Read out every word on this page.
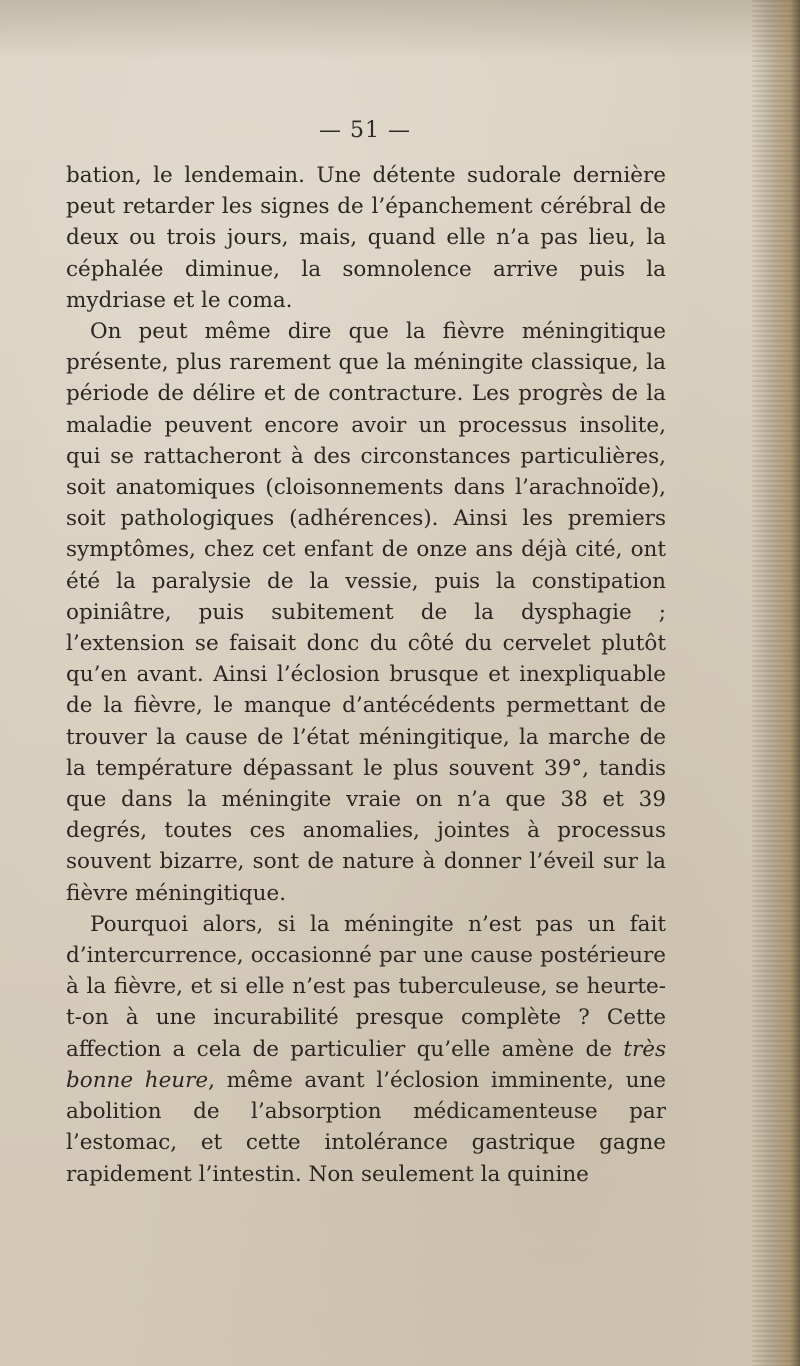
— 51 —

bation, le lendemain. Une détente sudorale dernière peut retarder les signes de l’épanchement cérébral de deux ou trois jours, mais, quand elle n’a pas lieu, la céphalée diminue, la somnolence arrive puis la mydriase et le coma.

On peut même dire que la fièvre méningitique présente, plus rarement que la méningite classique, la période de délire et de contracture. Les progrès de la maladie peuvent encore avoir un processus insolite, qui se rattacheront à des circonstances particulières, soit anatomiques (cloisonnements dans l’arachnoïde), soit pathologiques (adhérences). Ainsi les premiers symptômes, chez cet enfant de onze ans déjà cité, ont été la paralysie de la vessie, puis la constipation opiniâtre, puis subitement de la dysphagie ; l’extension se faisait donc du côté du cervelet plutôt qu’en avant. Ainsi l’éclosion brusque et inexpliquable de la fièvre, le manque d’antécédents permettant de trouver la cause de l’état méningitique, la marche de la température dépassant le plus souvent 39°, tandis que dans la méningite vraie on n’a que 38 et 39 degrés, toutes ces anomalies, jointes à processus souvent bizarre, sont de nature à donner l’éveil sur la fièvre méningitique.

Pourquoi alors, si la méningite n’est pas un fait d’intercurrence, occasionné par une cause postérieure à la fièvre, et si elle n’est pas tuberculeuse, se heurte-t-on à une incurabilité presque complète ? Cette affection a cela de particulier qu’elle amène de très bonne heure, même avant l’éclosion imminente, une abolition de l’absorption médicamenteuse par l’estomac, et cette intolérance gastrique gagne rapidement l’intestin. Non seulement la quinine
